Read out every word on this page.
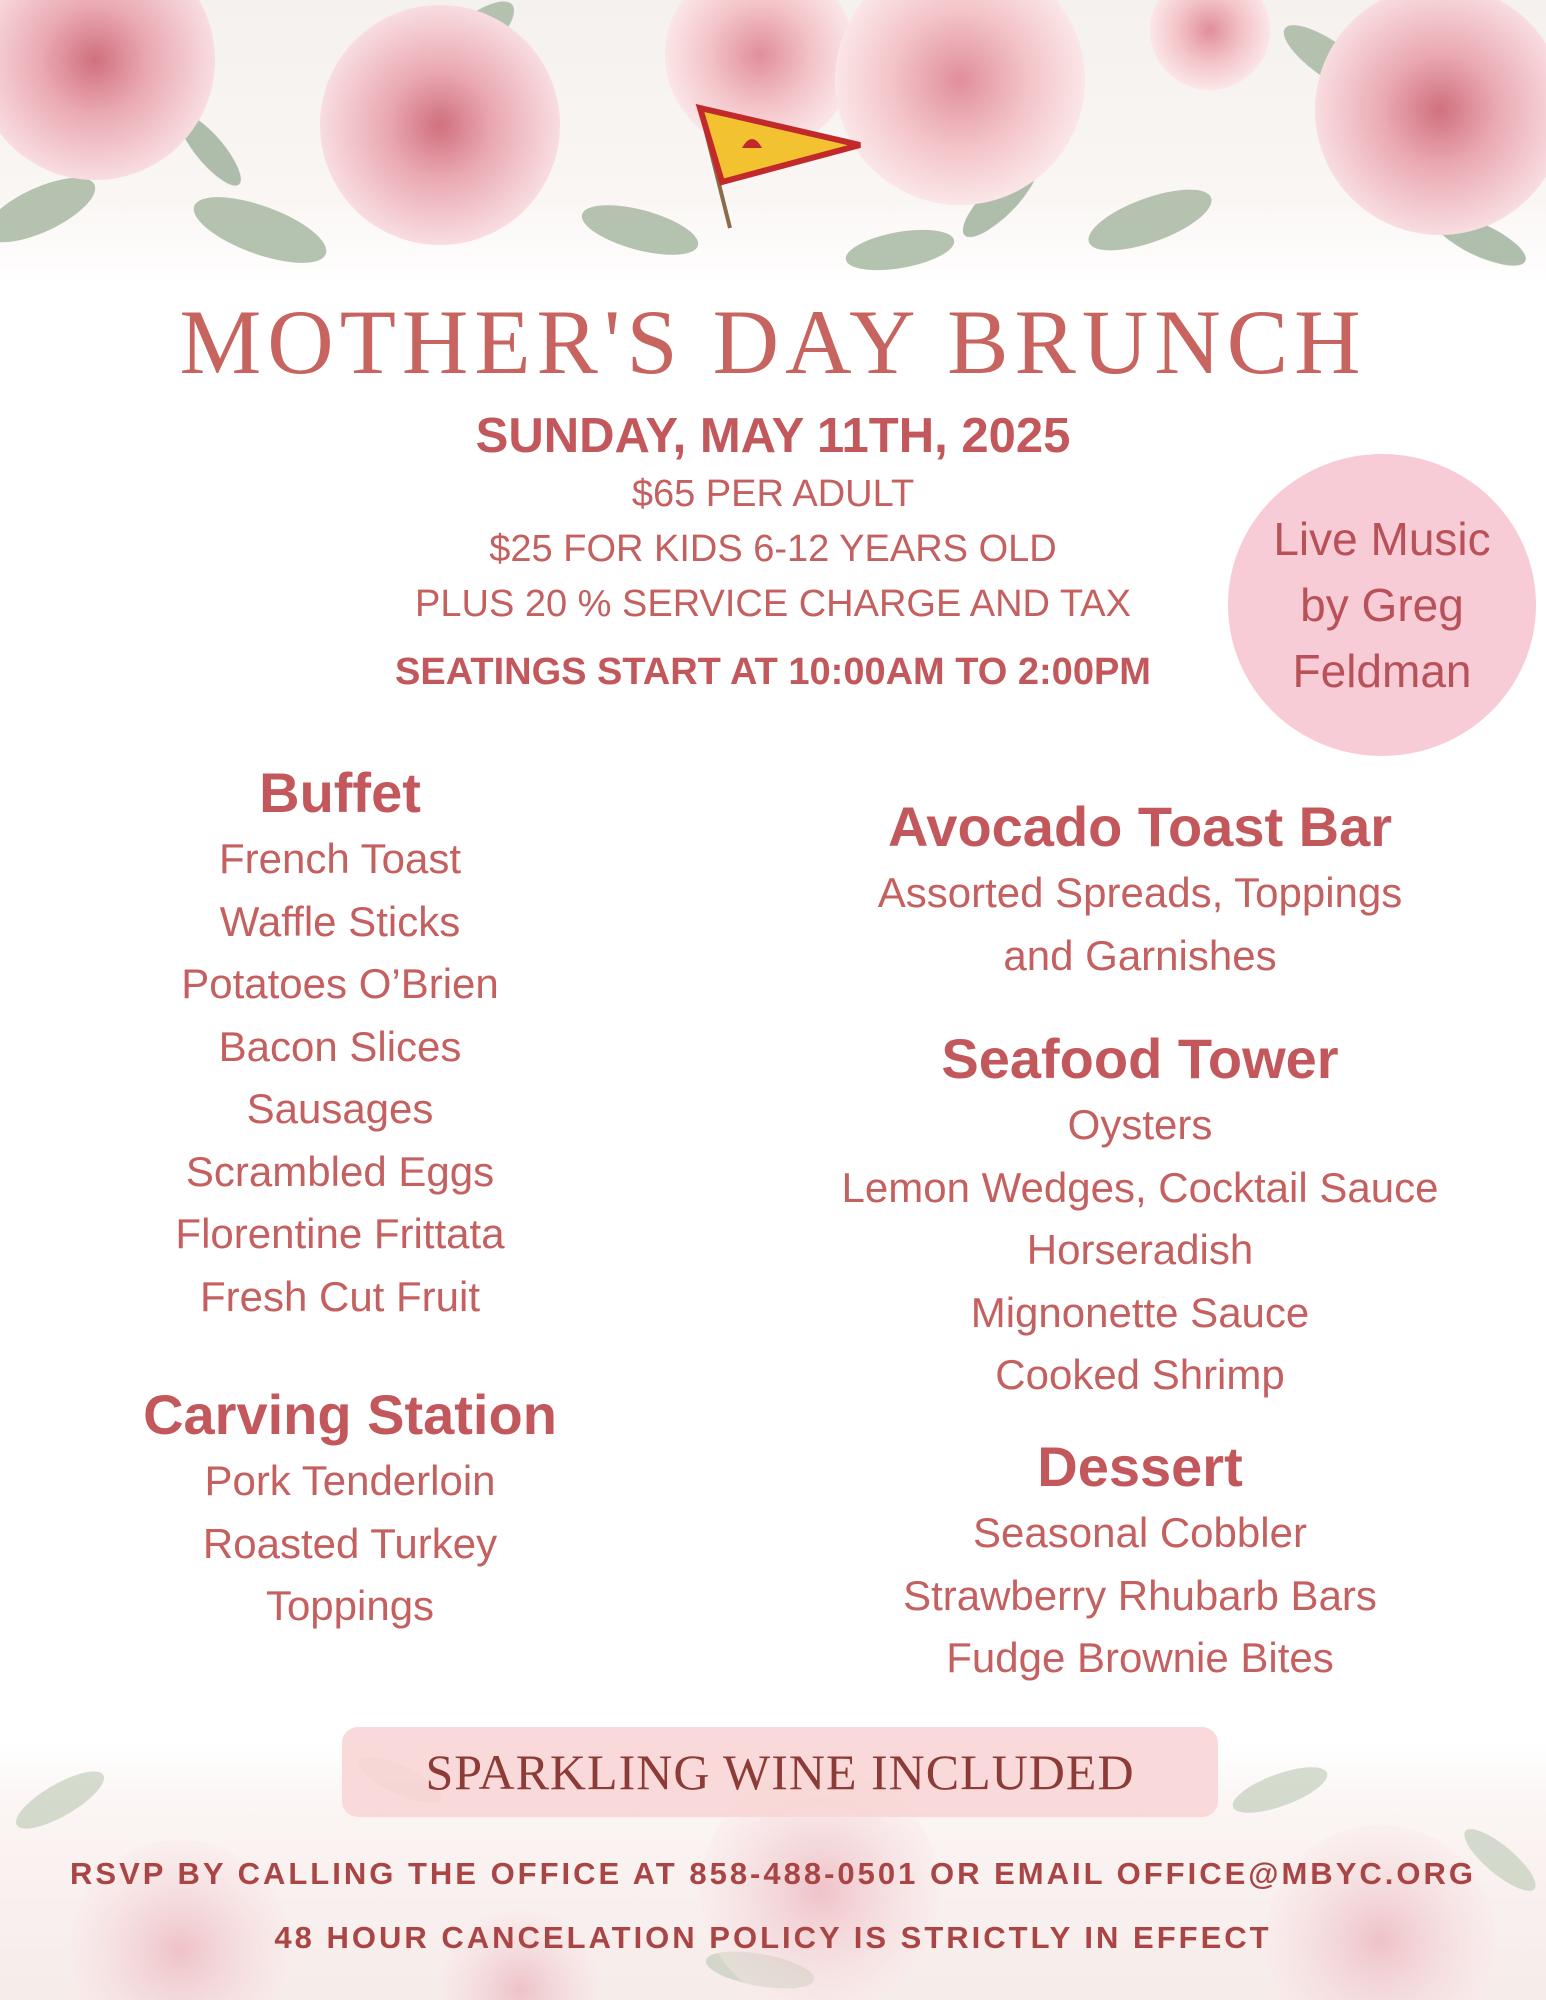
MOTHER'S DAY BRUNCH
SUNDAY, MAY 11TH, 2025
$65 PER ADULT
$25 FOR KIDS 6-12 YEARS OLD
PLUS 20 % SERVICE CHARGE AND TAX
SEATINGS START AT 10:00AM TO 2:00PM
Live Music by Greg Feldman
Buffet
French Toast
Waffle Sticks
Potatoes O’Brien
Bacon Slices
Sausages
Scrambled Eggs
Florentine Frittata
Fresh Cut Fruit
Carving Station
Pork Tenderloin
Roasted Turkey
Toppings
Avocado Toast Bar
Assorted Spreads, Toppings
and Garnishes
Seafood Tower
Oysters
Lemon Wedges, Cocktail Sauce
Horseradish
Mignonette Sauce
Cooked Shrimp
Dessert
Seasonal Cobbler
Strawberry Rhubarb Bars
Fudge Brownie Bites
SPARKLING WINE INCLUDED
RSVP BY CALLING THE OFFICE AT 858-488-0501 OR EMAIL OFFICE@MBYC.ORG
48 HOUR CANCELATION POLICY IS STRICTLY IN EFFECT
